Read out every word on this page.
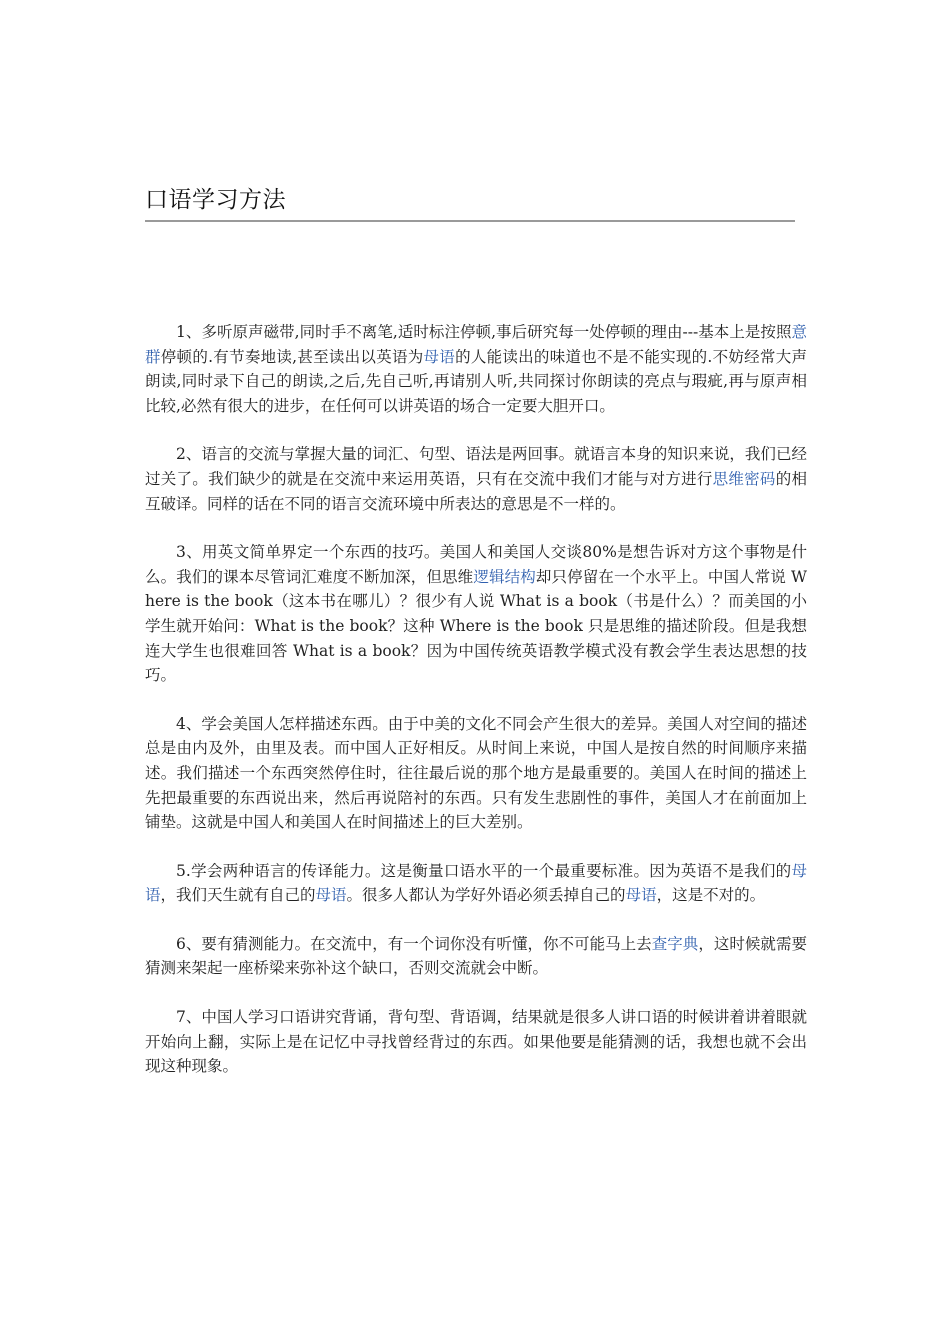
口语学习方法

1、多听原声磁带,同时手不离笔,适时标注停顿,事后研究每一处停顿的理由---基本上是按照意群停顿的.有节奏地读,甚至读出以英语为母语的人能读出的味道也不是不能实现的.不妨经常大声朗读,同时录下自己的朗读,之后,先自己听,再请别人听,共同探讨你朗读的亮点与瑕疵,再与原声相比较,必然有很大的进步，在任何可以讲英语的场合一定要大胆开口。

2、语言的交流与掌握大量的词汇、句型、语法是两回事。就语言本身的知识来说，我们已经过关了。我们缺少的就是在交流中来运用英语，只有在交流中我们才能与对方进行思维密码的相互破译。同样的话在不同的语言交流环境中所表达的意思是不一样的。

3、用英文简单界定一个东西的技巧。美国人和美国人交谈80%是想告诉对方这个事物是什么。我们的课本尽管词汇难度不断加深，但思维逻辑结构却只停留在一个水平上。中国人常说 Where is the book（这本书在哪儿）？很少有人说 What is a book（书是什么）？而美国的小学生就开始问：What is the book？这种 Where is the book 只是思维的描述阶段。但是我想连大学生也很难回答 What is a book？因为中国传统英语教学模式没有教会学生表达思想的技巧。

4、学会美国人怎样描述东西。由于中美的文化不同会产生很大的差异。美国人对空间的描述总是由内及外，由里及表。而中国人正好相反。从时间上来说，中国人是按自然的时间顺序来描述。我们描述一个东西突然停住时，往往最后说的那个地方是最重要的。美国人在时间的描述上先把最重要的东西说出来，然后再说陪衬的东西。只有发生悲剧性的事件，美国人才在前面加上铺垫。这就是中国人和美国人在时间描述上的巨大差别。

5.学会两种语言的传译能力。这是衡量口语水平的一个最重要标准。因为英语不是我们的母语，我们天生就有自己的母语。很多人都认为学好外语必须丢掉自己的母语，这是不对的。

6、要有猜测能力。在交流中，有一个词你没有听懂，你不可能马上去查字典，这时候就需要猜测来架起一座桥梁来弥补这个缺口，否则交流就会中断。

7、中国人学习口语讲究背诵，背句型、背语调，结果就是很多人讲口语的时候讲着讲着眼就开始向上翻，实际上是在记忆中寻找曾经背过的东西。如果他要是能猜测的话，我想也就不会出现这种现象。
